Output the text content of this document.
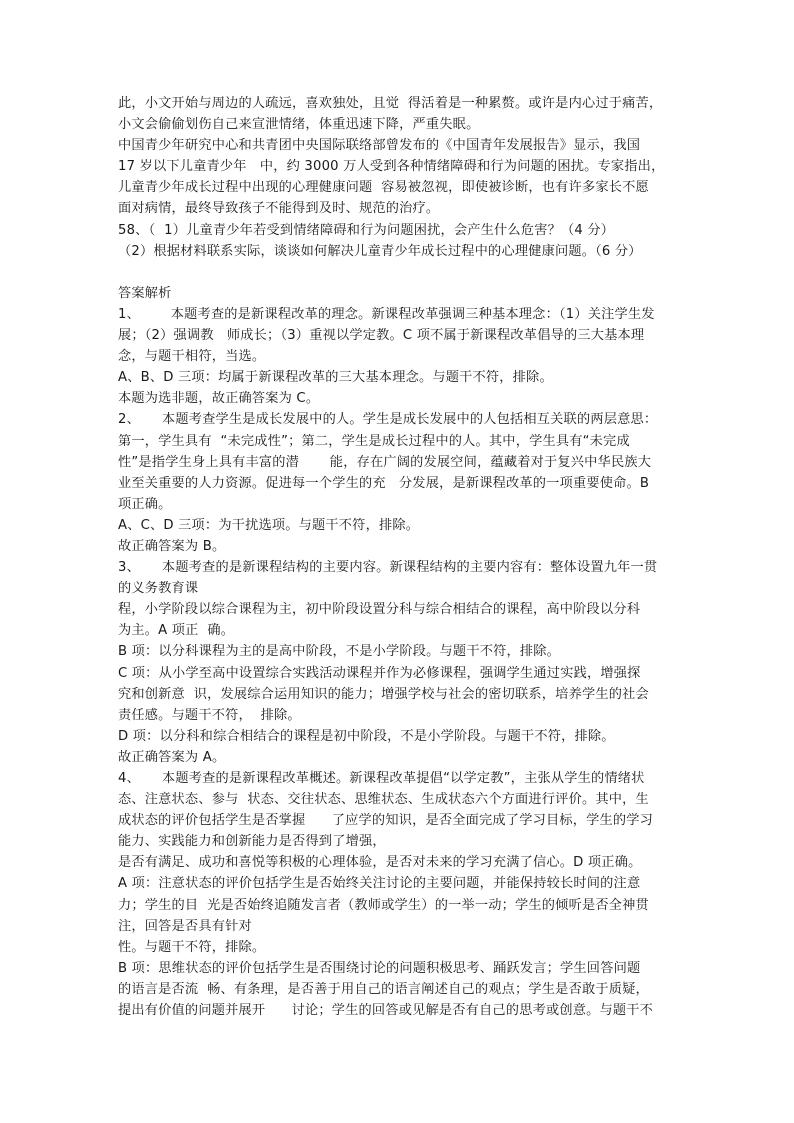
此，小文开始与周边的人疏远，喜欢独处，且觉  得活着是一种累赘。或许是内心过于痛苦，
小文会偷偷划伤自己来宣泄情绪，体重迅速下降，严重失眠。
中国青少年研究中心和共青团中央国际联络部曾发布的《中国青年发展报告》显示，我国
17 岁以下儿童青少年   中，约 3000 万人受到各种情绪障碍和行为问题的困扰。专家指出，
儿童青少年成长过程中出现的心理健康问题  容易被忽视，即使被诊断，也有许多家长不愿
面对病情，最终导致孩子不能得到及时、规范的治疗。
58、（  1）儿童青少年若受到情绪障碍和行为问题困扰，会产生什么危害？（4 分）
（2）根据材料联系实际，谈谈如何解决儿童青少年成长过程中的心理健康问题。（6 分）
答案解析
1、       本题考查的是新课程改革的理念。新课程改革强调三种基本理念：（1）关注学生发
展；（2）强调教   师成长；（3）重视以学定教。C 项不属于新课程改革倡导的三大基本理
念，与题干相符，当选。
A、B、D 三项：均属于新课程改革的三大基本理念。与题干不符，排除。
本题为选非题，故正确答案为 C。
2、     本题考查学生是成长发展中的人。学生是成长发展中的人包括相互关联的两层意思：
第一，学生具有  “未完成性”；第二，学生是成长过程中的人。其中，学生具有“未完成
性”是指学生身上具有丰富的潜       能，存在广阔的发展空间，蕴藏着对于复兴中华民族大
业至关重要的人力资源。促进每一个学生的充   分发展，是新课程改革的一项重要使命。B
项正确。
A、C、D 三项：为干扰选项。与题干不符，排除。
故正确答案为 B。
3、     本题考查的是新课程结构的主要内容。新课程结构的主要内容有：整体设置九年一贯
的义务教育课
程，小学阶段以综合课程为主，初中阶段设置分科与综合相结合的课程，高中阶段以分科
为主。A 项正  确。
B 项：以分科课程为主的是高中阶段，不是小学阶段。与题干不符，排除。
C 项：从小学至高中设置综合实践活动课程并作为必修课程，强调学生通过实践，增强探
究和创新意  识，发展综合运用知识的能力；增强学校与社会的密切联系，培养学生的社会
责任感。与题干不符，  排除。
D 项：以分科和综合相结合的课程是初中阶段，不是小学阶段。与题干不符，排除。
故正确答案为 A。
4、     本题考查的是新课程改革概述。新课程改革提倡“以学定教”，主张从学生的情绪状
态、注意状态、参与  状态、交往状态、思维状态、生成状态六个方面进行评价。其中，生
成状态的评价包括学生是否掌握      了应学的知识，是否全面完成了学习目标，学生的学习
能力、实践能力和创新能力是否得到了增强，
是否有满足、成功和喜悦等积极的心理体验，是否对未来的学习充满了信心。D 项正确。
A 项：注意状态的评价包括学生是否始终关注讨论的主要问题，并能保持较长时间的注意
力；学生的目  光是否始终追随发言者（教师或学生）的一举一动；学生的倾听是否全神贯
注，回答是否具有针对
性。与题干不符，排除。
B 项：思维状态的评价包括学生是否围绕讨论的问题积极思考、踊跃发言；学生回答问题
的语言是否流  畅、有条理，是否善于用自己的语言阐述自己的观点；学生是否敢于质疑，
提出有价值的问题并展开      讨论；学生的回答或见解是否有自己的思考或创意。与题干不
